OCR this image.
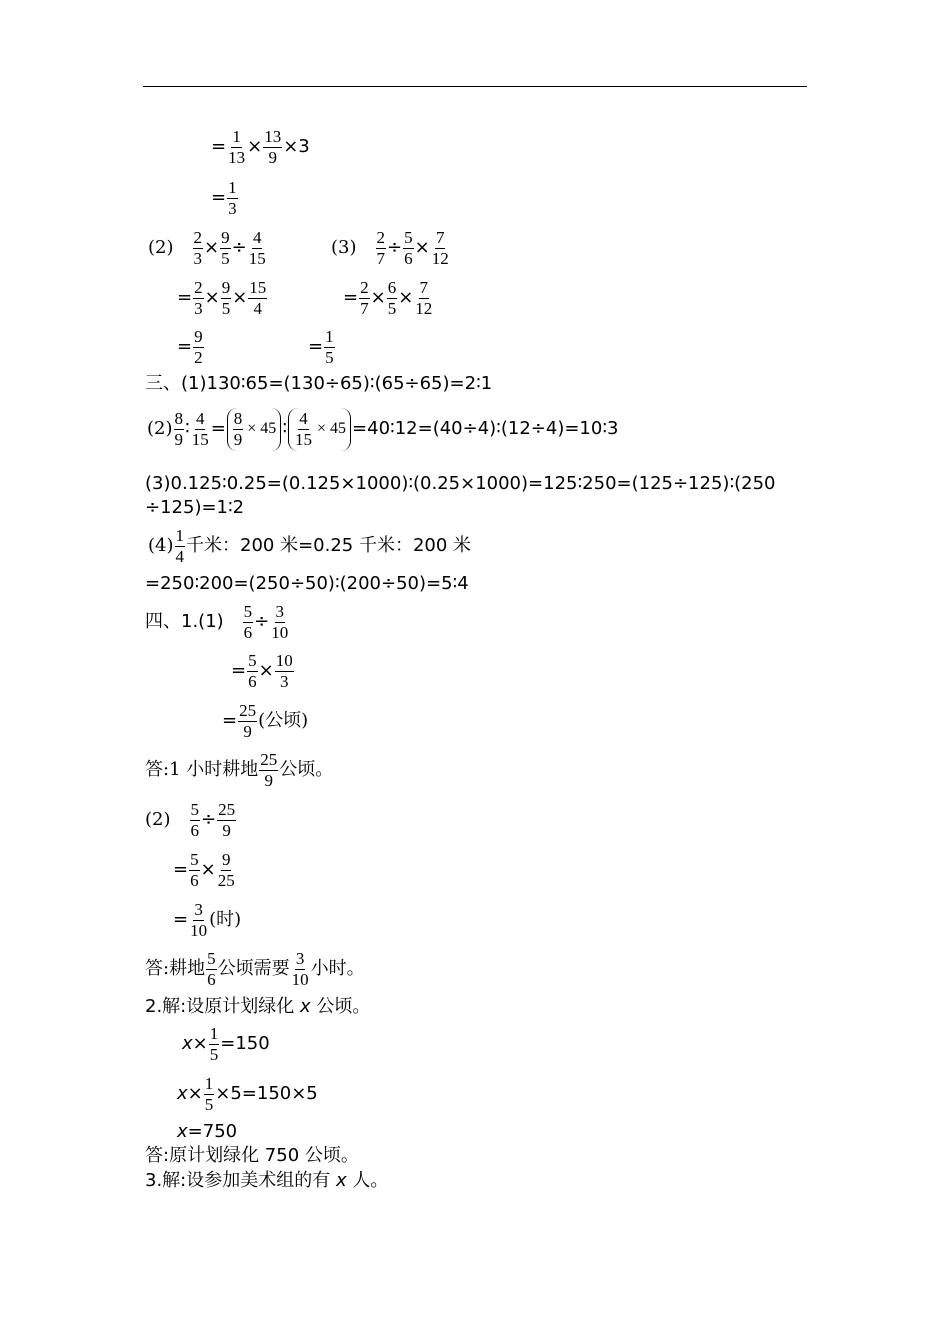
= $\frac{1}{13} \times \frac{13}{9} \times 3$
= $\frac{1}{3}$
$(2) \frac{2}{3} \times \frac{9}{5} \div \frac{4}{15}$	$(3) \frac{2}{7} \div \frac{5}{6} \times \frac{7}{12}$
= $\frac{2}{3} \times \frac{9}{5} \times \frac{15}{4}$	= $\frac{2}{7} \times \frac{6}{5} \times \frac{7}{12}$
= $\frac{9}{2}$	= $\frac{1}{5}$
三、(1)130∶65=(130÷65)∶(65÷65)=2∶1
$(2) \frac{8}{9}$ ∶ $\frac{4}{15} = \frac{8}{9} \times 45$ ∶ $\frac{4}{15} \times 45$ =40∶12=(40÷4)∶(12÷4)=10∶3
(3)0.125∶0.25=(0.125×1000)∶(0.25×1000)=125∶250=(125÷125)∶(250
÷125)=1∶2
$(4) \frac{1}{4}$ 千米：200 米=0.25 千米：200 米
=250∶200=(250÷50)∶(200÷50)=5∶4
四、$1.(1) \frac{5}{6} \div \frac{3}{10}$
= $\frac{5}{6} \times \frac{10}{3}$
= $\frac{25}{9}$ (公顷)
答:1 小时耕地 $\frac{25}{9}$ 公顷。
$(2) \frac{5}{6} \div \frac{25}{9}$
= $\frac{5}{6} \times \frac{9}{25}$
= $\frac{3}{10}$ (时)
答:耕地 $\frac{5}{6}$ 公顷需要 $\frac{3}{10}$ 小时。
2.解:设原计划绿化 x 公顷。
$x \times \frac{1}{5} =150$
$x \times \frac{1}{5} \times 5=150\times 5$
x =750
答:原计划绿化 750 公顷。
3.解:设参加美术组的有 x 人。
